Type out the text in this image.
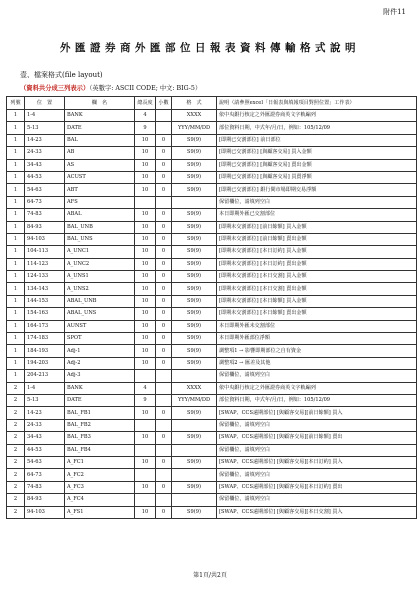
附件11
外匯證券商外匯部位日報表資料傳輸格式說明
壹、檔案格式(file layout)
（資料共分成三列表示）（英數字: ASCII CODE; 中文: BIG-5）
列號	位　置	欄　名	總長度	小數	格　式	說明（請參照excel「日報表與填報項目對照位置」工作表）
1	1-4	BANK	4		XXXX	依中央銀行核定之外匯證券商英文字軌編列
1	5-13	DATE	9		YYY/MM/DD	部位資料日期，中式年/月/日，例如：105/12/09
1	14-23	BAL	10	0	S9(9)	[即期已交割部位] 前日部位
1	24-33	AB	10	0	S9(9)	[即期已交割部位] [與顧客交易] 買入金額
1	34-43	AS	10	0	S9(9)	[即期已交割部位] [與顧客交易] 賣出金額
1	44-53	ACUST	10	0	S9(9)	[即期已交割部位] [與顧客交易] 買賣淨額
1	54-63	ABT	10	0	S9(9)	[即期已交割部位] 銀行間市場即期交易淨額
1	64-73	AFS				保留欄位，請填列空白
1	74-83	ABAL	10	0	S9(9)	本日即期外匯已交割部位
1	84-93	BAL_UNB	10	0	S9(9)	[即期未交割部位] [前日餘額] 買入金額
1	94-103	BAL_UNS	10	0	S9(9)	[即期未交割部位] [前日餘額] 賣出金額
1	104-113	A_UNC1	10	0	S9(9)	[即期未交割部位] [本日訂約] 買入金額
1	114-123	A_UNC2	10	0	S9(9)	[即期未交割部位] [本日訂約] 賣出金額
1	124-133	A_UNS1	10	0	S9(9)	[即期未交割部位] [本日交割] 買入金額
1	134-143	A_UNS2	10	0	S9(9)	[即期未交割部位] [本日交割] 賣出金額
1	144-153	ABAL_UNB	10	0	S9(9)	[即期未交割部位] [本日餘額] 買入金額
1	154-163	ABAL_UNS	10	0	S9(9)	[即期未交割部位] [本日餘額] 賣出金額
1	164-173	AUNST	10	0	S9(9)	本日即期外匯未交割部位
1	174-183	SPOT	10	0	S9(9)	本日即期外匯部位淨額
1	184-193	Adj-1	10	0	S9(9)	調整項1 → 影響即期部位之自有資金
1	194-203	Adj-2	10	0	S9(9)	調整項2 → 匯差及其他
1	204-213	Adj-3				保留欄位，請填列空白
2	1-4	BANK	4		XXXX	依中央銀行核定之外匯證券商英文字軌編列
2	5-13	DATE	9		YYY/MM/DD	部位資料日期，中式年/月/日，例如：105/12/09
2	14-23	BAL_FB1	10	0	S9(9)	[SWAP、CCS遠期部位] [與顧客交易][前日餘額] 買入
2	24-33	BAL_FB2				保留欄位，請填列空白
2	34-43	BAL_FB3	10	0	S9(9)	[SWAP、CCS遠期部位] [與顧客交易][前日餘額] 賣出
2	44-53	BAL_FB4				保留欄位，請填列空白
2	54-63	A_FC1	10	0	S9(9)	[SWAP、CCS遠期部位] [與顧客交易][本日訂約] 買入
2	64-73	A_FC2				保留欄位，請填列空白
2	74-83	A_FC3	10	0	S9(9)	[SWAP、CCS遠期部位] [與顧客交易][本日訂約] 賣出
2	84-93	A_FC4				保留欄位，請填列空白
2	94-103	A_FS1	10	0	S9(9)	[SWAP、CCS遠期部位] [與顧客交易][本日交割] 買入
第1頁/共2頁
